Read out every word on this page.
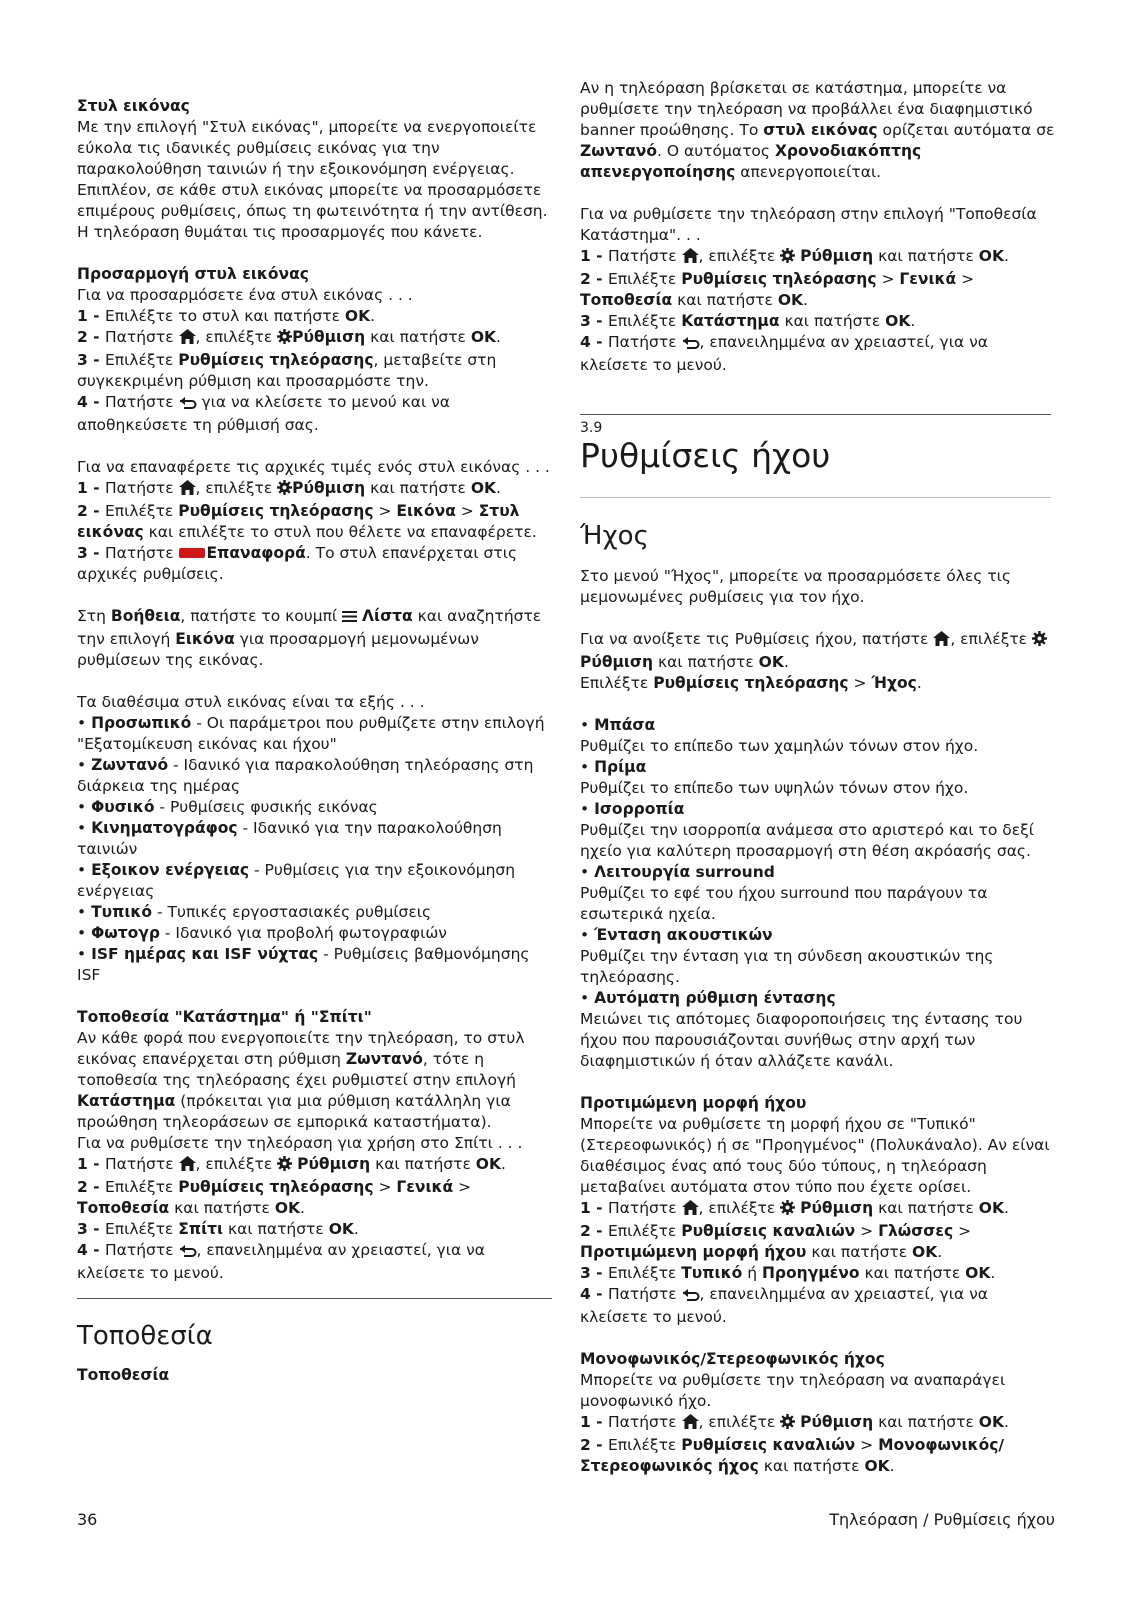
Στυλ εικόνας

Με την επιλογή "Στυλ εικόνας", μπορείτε να ενεργοποιείτε εύκολα τις ιδανικές ρυθμίσεις εικόνας για την παρακολούθηση ταινιών ή την εξοικονόμηση ενέργειας. Επιπλέον, σε κάθε στυλ εικόνας μπορείτε να προσαρμόσετε επιμέρους ρυθμίσεις, όπως τη φωτεινότητα ή την αντίθεση. Η τηλεόραση θυμάται τις προσαρμογές που κάνετε.

Προσαρμογή στυλ εικόνας

Για να προσαρμόσετε ένα στυλ εικόνας . . .

1 - Επιλέξτε το στυλ και πατήστε OK.

2 - Πατήστε , επιλέξτε Ρύθμιση και πατήστε OK.

3 - Επιλέξτε Ρυθμίσεις τηλεόρασης, μεταβείτε στη συγκεκριμένη ρύθμιση και προσαρμόστε την.

4 - Πατήστε για να κλείσετε το μενού και να αποθηκεύσετε τη ρύθμισή σας.

Για να επαναφέρετε τις αρχικές τιμές ενός στυλ εικόνας . . .

1 - Πατήστε , επιλέξτε Ρύθμιση και πατήστε OK.

2 - Επιλέξτε Ρυθμίσεις τηλεόρασης > Εικόνα > Στυλ εικόνας και επιλέξτε το στυλ που θέλετε να επαναφέρετε.

3 - Πατήστε Επαναφορά. Το στυλ επανέρχεται στις αρχικές ρυθμίσεις.

Στη Βοήθεια, πατήστε το κουμπί Λίστα και αναζητήστε την επιλογή Εικόνα για προσαρμογή μεμονωμένων ρυθμίσεων της εικόνας.

Τα διαθέσιμα στυλ εικόνας είναι τα εξής . . .

• Προσωπικό - Οι παράμετροι που ρυθμίζετε στην επιλογή "Εξατομίκευση εικόνας και ήχου"

• Ζωντανό - Ιδανικό για παρακολούθηση τηλεόρασης στη διάρκεια της ημέρας

• Φυσικό - Ρυθμίσεις φυσικής εικόνας

• Κινηματογράφος - Ιδανικό για την παρακολούθηση ταινιών

• Εξοικον ενέργειας - Ρυθμίσεις για την εξοικονόμηση ενέργειας

• Τυπικό - Τυπικές εργοστασιακές ρυθμίσεις

• Φωτογρ - Ιδανικό για προβολή φωτογραφιών

• ISF ημέρας και ISF νύχτας - Ρυθμίσεις βαθμονόμησης ISF

Τοποθεσία "Κατάστημα" ή "Σπίτι"

Αν κάθε φορά που ενεργοποιείτε την τηλεόραση, το στυλ εικόνας επανέρχεται στη ρύθμιση Ζωντανό, τότε η τοποθεσία της τηλεόρασης έχει ρυθμιστεί στην επιλογή Κατάστημα (πρόκειται για μια ρύθμιση κατάλληλη για προώθηση τηλεοράσεων σε εμπορικά καταστήματα).

Για να ρυθμίσετε την τηλεόραση για χρήση στο Σπίτι . . .

1 - Πατήστε , επιλέξτε Ρύθμιση και πατήστε OK.

2 - Επιλέξτε Ρυθμίσεις τηλεόρασης > Γενικά > Τοποθεσία και πατήστε OK.

3 - Επιλέξτε Σπίτι και πατήστε OK.

4 - Πατήστε , επανειλημμένα αν χρειαστεί, για να κλείσετε το μενού.

Τοποθεσία

Τοποθεσία

Αν η τηλεόραση βρίσκεται σε κατάστημα, μπορείτε να ρυθμίσετε την τηλεόραση να προβάλλει ένα διαφημιστικό banner προώθησης. Το στυλ εικόνας ορίζεται αυτόματα σε Ζωντανό. Ο αυτόματος Χρονοδιακόπτης απενεργοποίησης απενεργοποιείται.

Για να ρυθμίσετε την τηλεόραση στην επιλογή "Τοποθεσία Κατάστημα". . .

1 - Πατήστε , επιλέξτε Ρύθμιση και πατήστε OK.

2 - Επιλέξτε Ρυθμίσεις τηλεόρασης > Γενικά > Τοποθεσία και πατήστε OK.

3 - Επιλέξτε Κατάστημα και πατήστε OK.

4 - Πατήστε , επανειλημμένα αν χρειαστεί, για να κλείσετε το μενού.

3.9

Ρυθμίσεις ήχου

Ήχος

Στο μενού "Ήχος", μπορείτε να προσαρμόσετε όλες τις μεμονωμένες ρυθμίσεις για τον ήχο.

Για να ανοίξετε τις Ρυθμίσεις ήχου, πατήστε , επιλέξτε Ρύθμιση και πατήστε OK.

Επιλέξτε Ρυθμίσεις τηλεόρασης > Ήχος.

• Μπάσα

Ρυθμίζει το επίπεδο των χαμηλών τόνων στον ήχο.

• Πρίμα

Ρυθμίζει το επίπεδο των υψηλών τόνων στον ήχο.

• Ισορροπία

Ρυθμίζει την ισορροπία ανάμεσα στο αριστερό και το δεξί ηχείο για καλύτερη προσαρμογή στη θέση ακρόασής σας.

• Λειτουργία surround

Ρυθμίζει το εφέ του ήχου surround που παράγουν τα εσωτερικά ηχεία.

• Ένταση ακουστικών

Ρυθμίζει την ένταση για τη σύνδεση ακουστικών της τηλεόρασης.

• Αυτόματη ρύθμιση έντασης

Μειώνει τις απότομες διαφοροποιήσεις της έντασης του ήχου που παρουσιάζονται συνήθως στην αρχή των διαφημιστικών ή όταν αλλάζετε κανάλι.

Προτιμώμενη μορφή ήχου

Μπορείτε να ρυθμίσετε τη μορφή ήχου σε "Τυπικό" (Στερεοφωνικός) ή σε "Προηγμένος" (Πολυκάναλο). Αν είναι διαθέσιμος ένας από τους δύο τύπους, η τηλεόραση μεταβαίνει αυτόματα στον τύπο που έχετε ορίσει.

1 - Πατήστε , επιλέξτε Ρύθμιση και πατήστε OK.

2 - Επιλέξτε Ρυθμίσεις καναλιών > Γλώσσες > Προτιμώμενη μορφή ήχου και πατήστε OK.

3 - Επιλέξτε Τυπικό ή Προηγμένο και πατήστε OK.

4 - Πατήστε , επανειλημμένα αν χρειαστεί, για να κλείσετε το μενού.

Μονοφωνικός/Στερεοφωνικός ήχος

Μπορείτε να ρυθμίσετε την τηλεόραση να αναπαράγει μονοφωνικό ήχο.

1 - Πατήστε , επιλέξτε Ρύθμιση και πατήστε OK.

2 - Επιλέξτε Ρυθμίσεις καναλιών > Μονοφωνικός/ Στερεοφωνικός ήχος και πατήστε OK.

36	Τηλεόραση / Ρυθμίσεις ήχου
